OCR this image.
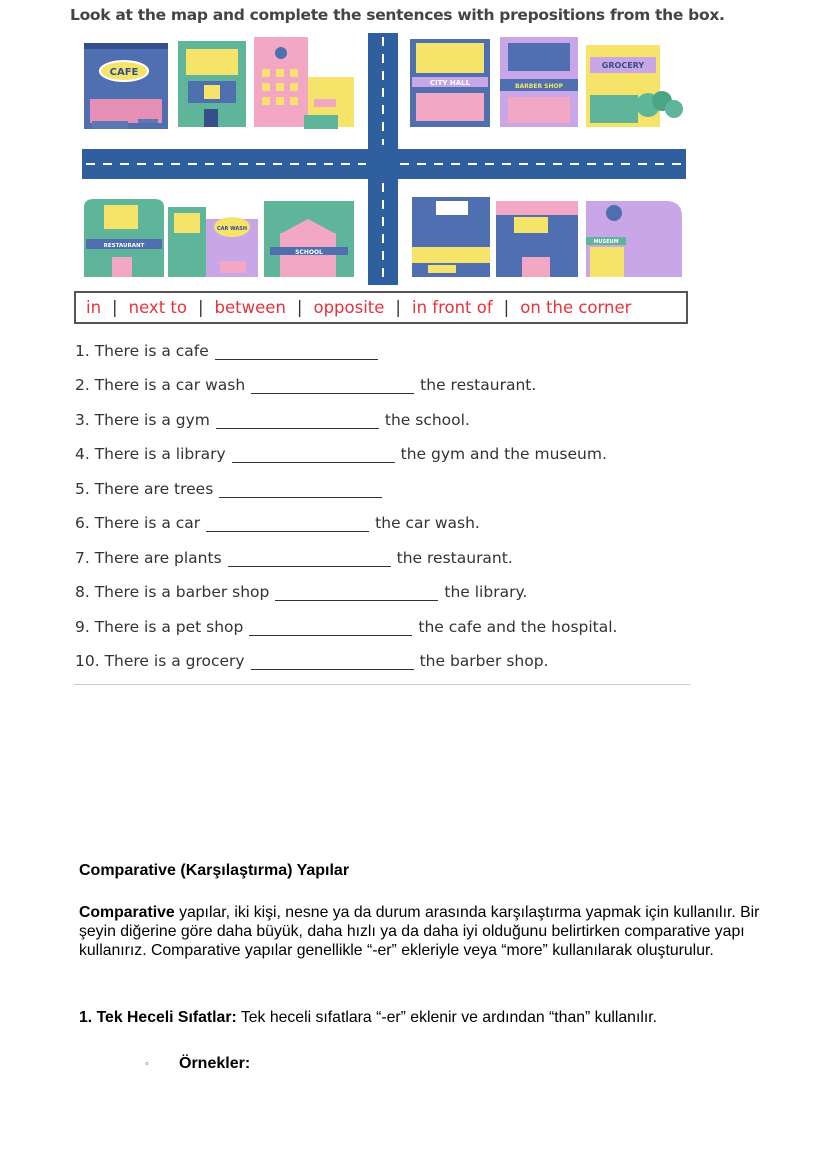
Look at the map and complete the sentences with prepositions from the box.
CAFE
CITY HALL	BARBER SHOP
GROCERY
RESTAURANT
CAR WASH
SCHOOL
MUSEUM
in | next to | between | opposite | in front of | on the corner
1. There is a cafe
2. There is a car wash	the restaurant.
3. There is a gym	the school.
4. There is a library	the gym and the museum.
5. There are trees
6. There is a car	the car wash.
7. There are plants	the restaurant.
8. There is a barber shop	the library.
9. There is a pet shop	the cafe and the hospital.
10. There is a grocery	the barber shop.
Comparative (Karşılaştırma) Yapılar
Comparative yapılar, iki kişi, nesne ya da durum arasında karşılaştırma yapmak için kullanılır. Bir şeyin diğerine göre daha büyük, daha hızlı ya da daha iyi olduğunu belirtirken comparative yapı kullanırız. Comparative yapılar genellikle “-er” ekleriyle veya “more” kullanılarak oluşturulur.
1. Tek Heceli Sıfatlar: Tek heceli sıfatlara “-er” eklenir ve ardından “than” kullanılır.
◦ Örnekler:
